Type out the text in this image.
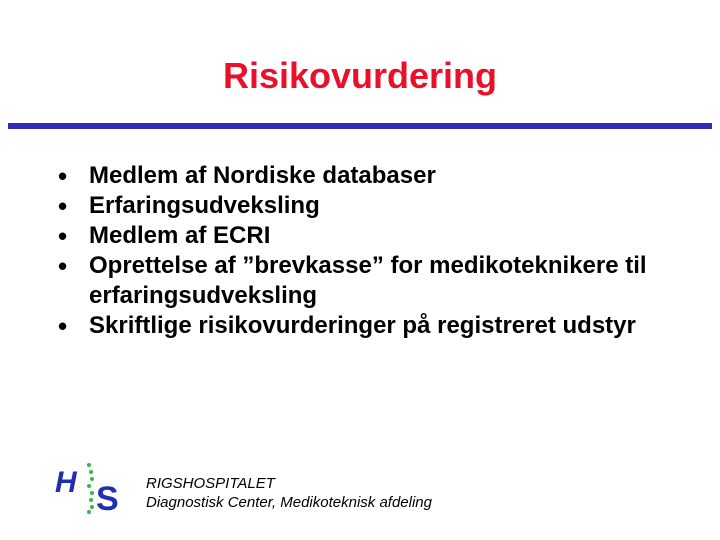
Risikovurdering
• Medlem af Nordiske databaser
• Erfaringsudveksling
• Medlem af ECRI
• Oprettelse af ”brevkasse” for medikoteknikere til erfaringsudveksling
• Skriftlige risikovurderinger på registreret udstyr
H S RIGSHOSPITALET
Diagnostisk Center, Medikoteknisk afdeling
